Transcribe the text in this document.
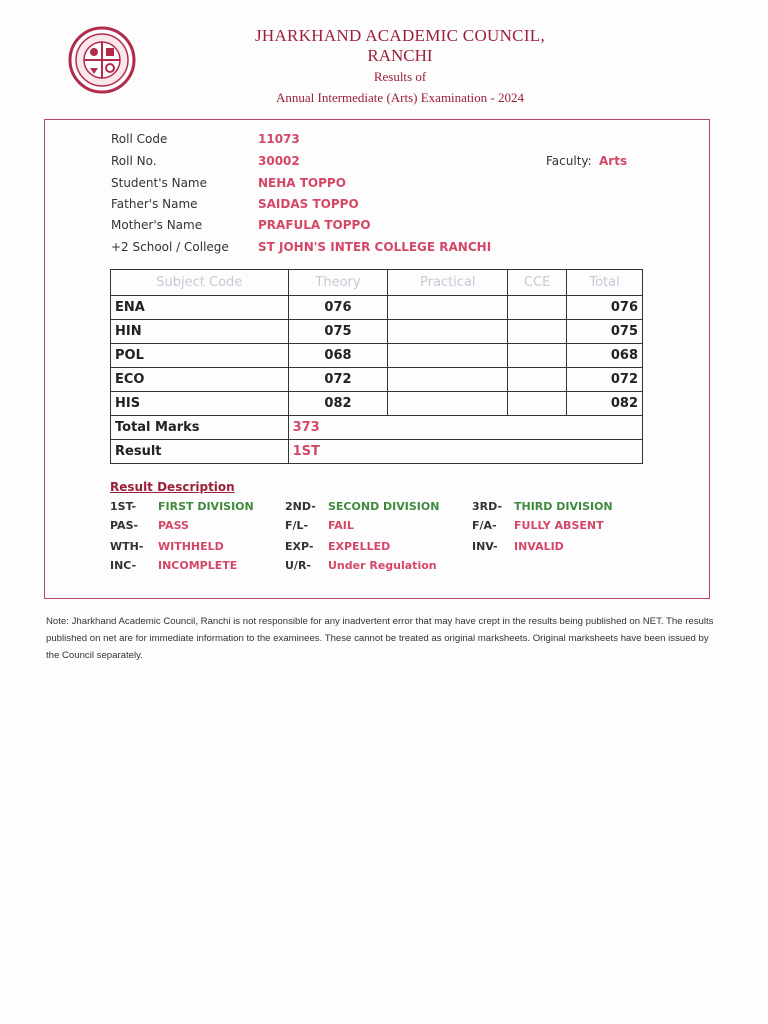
JHARKHAND ACADEMIC COUNCIL,
RANCHI
Results of
Annual Intermediate (Arts) Examination - 2024
Roll Code	11073
Roll No.	30002	Faculty: Arts
Student's Name	NEHA TOPPO
Father's Name	SAIDAS TOPPO
Mother's Name	PRAFULA TOPPO
+2 School / College ST JOHN'S INTER COLLEGE RANCHI
Subject Code	Theory	Practical	CCE	Total
ENA	076			076
HIN	075			075
POL	068			068
ECO	072			072
HIS	082			082
Total Marks	373			
Result	1ST			
Result Description
1ST- FIRST DIVISION	2ND- SECOND DIVISION	3RD- THIRD DIVISION
PAS- PASS	F/L- FAIL	F/A- FULLY ABSENT
WTH- WITHHELD	EXP- EXPELLED	INV- INVALID
INC- INCOMPLETE	U/R- Under Regulation
Note: Jharkhand Academic Council, Ranchi is not responsible for any inadvertent error that may have crept in the results being published on NET. The results published on net are for immediate information to the examinees. These cannot be treated as original marksheets. Original marksheets have been issued by the Council separately.
